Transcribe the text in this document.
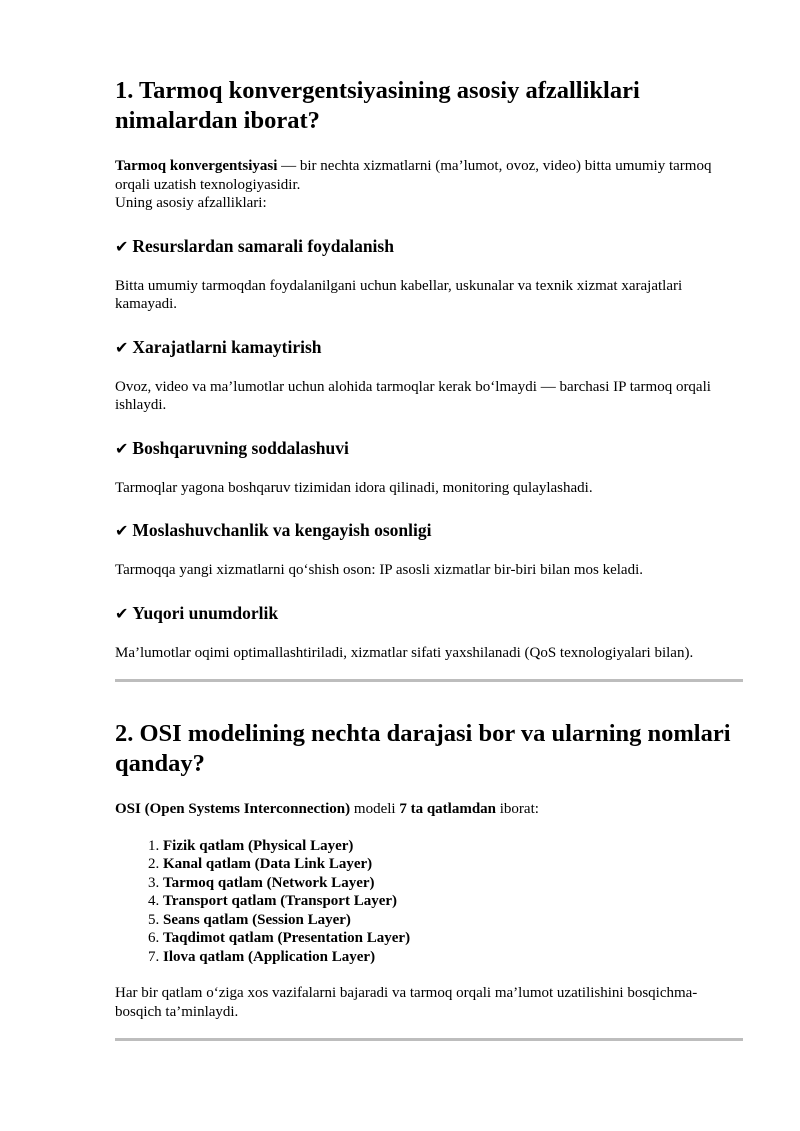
1. Tarmoq konvergentsiyasining asosiy afzalliklari nimalardan iborat?

Tarmoq konvergentsiyasi — bir nechta xizmatlarni (ma’lumot, ovoz, video) bitta umumiy tarmoq orqali uzatish texnologiyasidir.
Uning asosiy afzalliklari:

✔ Resurslardan samarali foydalanish

Bitta umumiy tarmoqdan foydalanilgani uchun kabellar, uskunalar va texnik xizmat xarajatlari kamayadi.

✔ Xarajatlarni kamaytirish

Ovoz, video va ma’lumotlar uchun alohida tarmoqlar kerak bo‘lmaydi — barchasi IP tarmoq orqali ishlaydi.

✔ Boshqaruvning soddalashuvi

Tarmoqlar yagona boshqaruv tizimidan idora qilinadi, monitoring qulaylashadi.

✔ Moslashuvchanlik va kengayish osonligi

Tarmoqqa yangi xizmatlarni qo‘shish oson: IP asosli xizmatlar bir-biri bilan mos keladi.

✔ Yuqori unumdorlik

Ma’lumotlar oqimi optimallashtiriladi, xizmatlar sifati yaxshilanadi (QoS texnologiyalari bilan).

2. OSI modelining nechta darajasi bor va ularning nomlari qanday?

OSI (Open Systems Interconnection) modeli 7 ta qatlamdan iborat:

1. Fizik qatlam (Physical Layer)
2. Kanal qatlam (Data Link Layer)
3. Tarmoq qatlam (Network Layer)
4. Transport qatlam (Transport Layer)
5. Seans qatlam (Session Layer)
6. Taqdimot qatlam (Presentation Layer)
7. Ilova qatlam (Application Layer)

Har bir qatlam o‘ziga xos vazifalarni bajaradi va tarmoq orqali ma’lumot uzatilishini bosqichma-bosqich ta’minlaydi.
